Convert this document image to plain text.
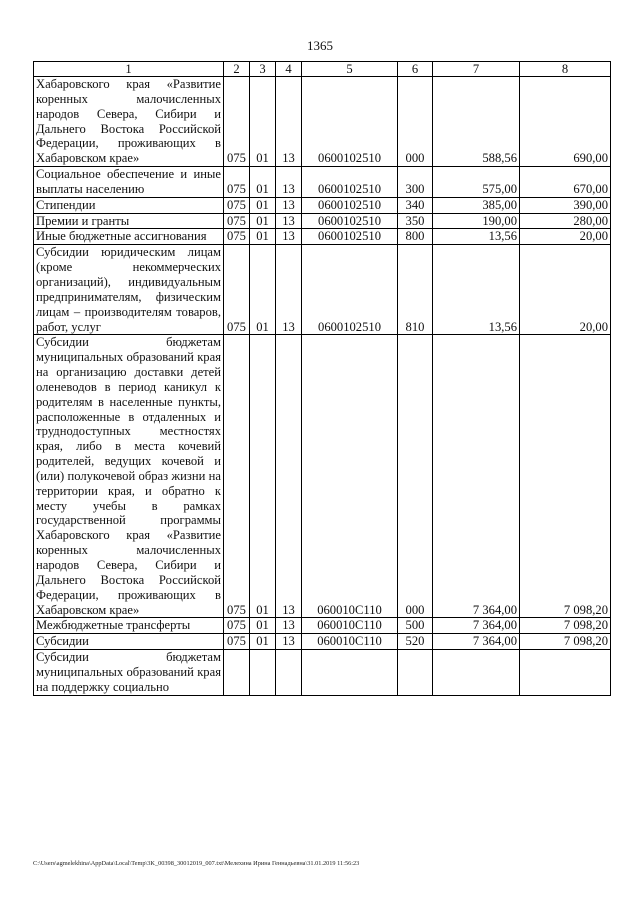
1365
1	2	3	4	5	6	7	8
Хабаровского края «Развитие коренных малочисленных народов Севера, Сибири и Дальнего Востока Российской Федерации, проживающих в Хабаровском крае»	075	01	13	0600102510	000	588,56	690,00
Социальное обеспечение и иные выплаты населению	075	01	13	0600102510	300	575,00	670,00
Стипендии	075	01	13	0600102510	340	385,00	390,00
Премии и гранты	075	01	13	0600102510	350	190,00	280,00
Иные бюджетные ассигнования	075	01	13	0600102510	800	13,56	20,00
Субсидии юридическим лицам (кроме некоммерческих организаций), индивидуальным предпринимателям, физическим лицам – производителям товаров, работ, услуг	075	01	13	0600102510	810	13,56	20,00
Субсидии бюджетам муниципальных образований края на организацию доставки детей оленеводов в период каникул к родителям в населенные пункты, расположенные в отдаленных и труднодоступных местностях края, либо в места кочевий родителей, ведущих кочевой и (или) полукочевой образ жизни на территории края, и обратно к месту учебы в рамках государственной программы Хабаровского края «Развитие коренных малочисленных народов Севера, Сибири и Дальнего Востока Российской Федерации, проживающих в Хабаровском крае»	075	01	13	060010С110	000	7 364,00	7 098,20
Межбюджетные трансферты	075	01	13	060010С110	500	7 364,00	7 098,20
Субсидии	075	01	13	060010С110	520	7 364,00	7 098,20
Субсидии бюджетам муниципальных образований края на поддержку социально							
C:\Users\agmelekhina\AppData\Local\Temp\3K_00398_30012019_007.txt\Мелехина Ирина Геннадьевна\31.01.2019 11:56:23
